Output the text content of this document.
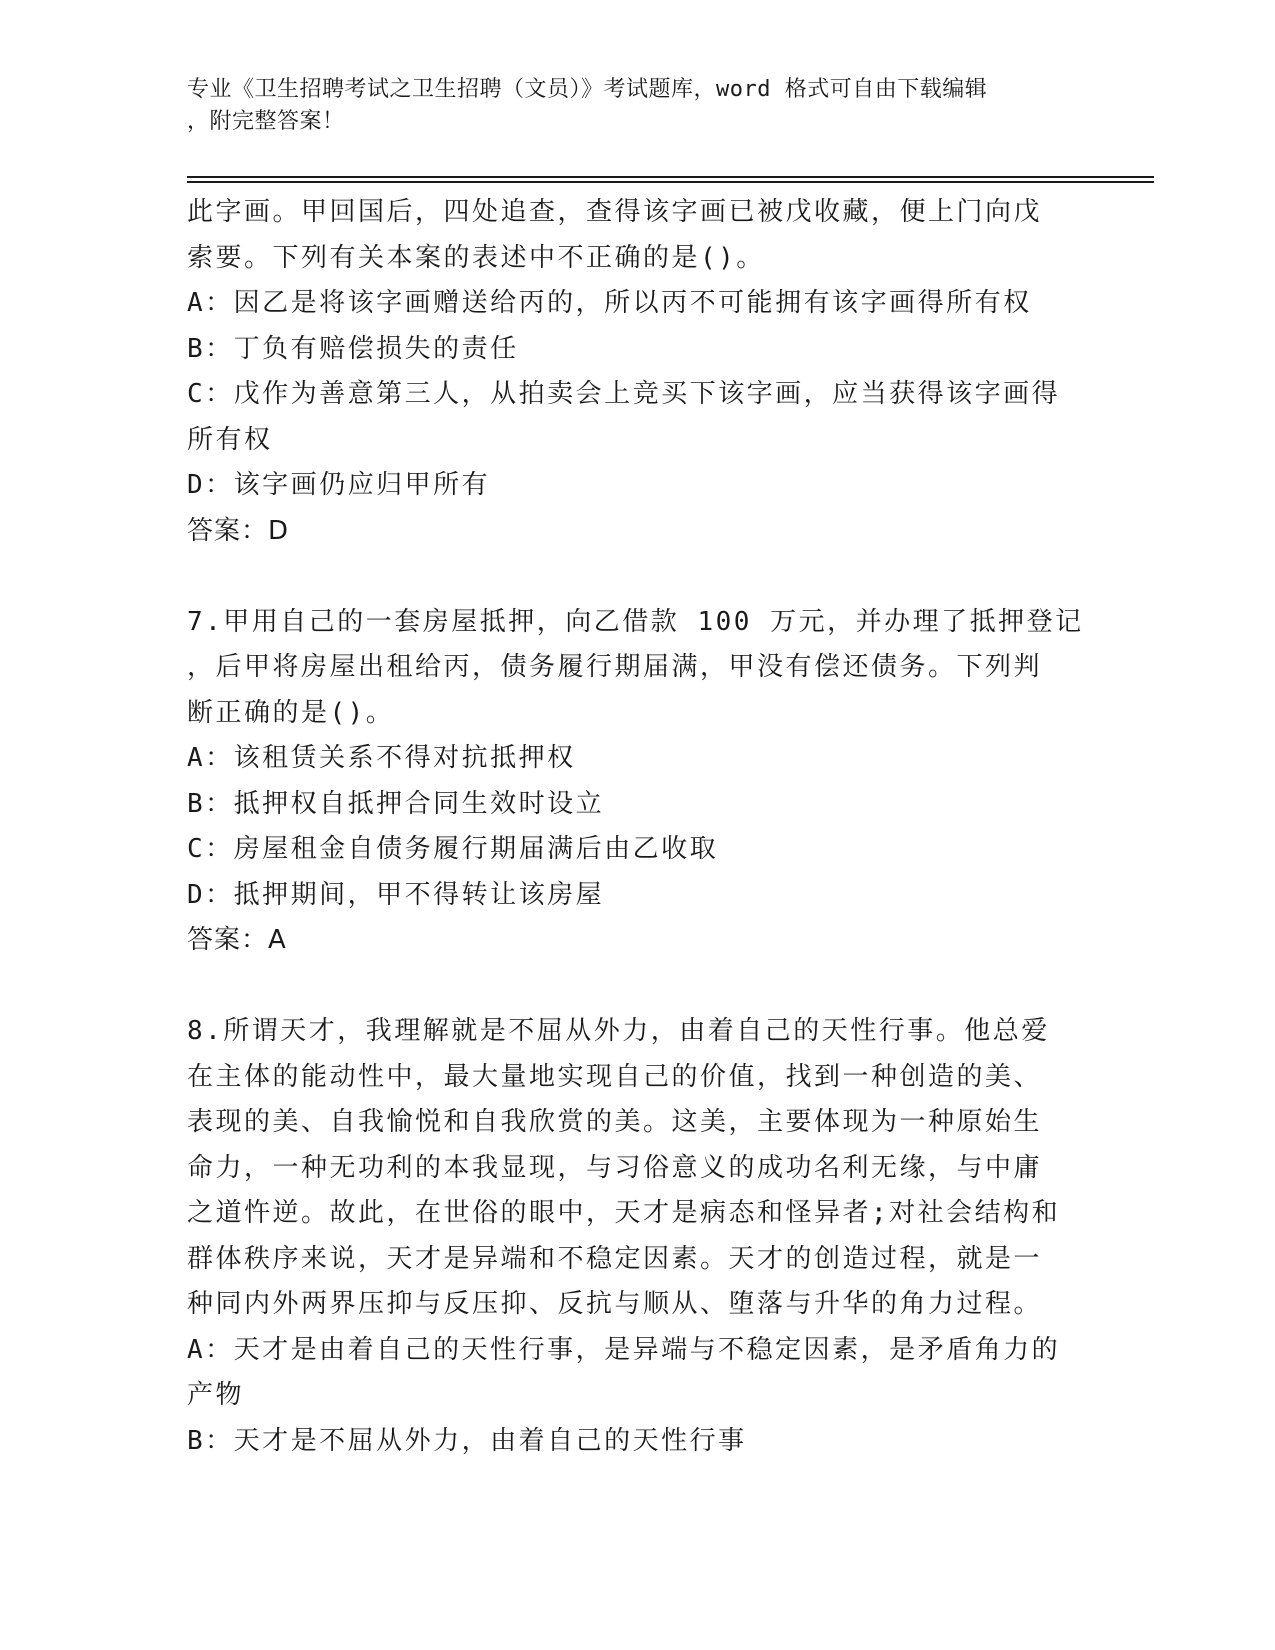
专业《卫生招聘考试之卫生招聘（文员）》考试题库，word 格式可自由下载编辑
，附完整答案！
此字画。甲回国后，四处追查，查得该字画已被戊收藏，便上门向戊
索要。下列有关本案的表述中不正确的是()。
A：因乙是将该字画赠送给丙的，所以丙不可能拥有该字画得所有权
B：丁负有赔偿损失的责任
C：戊作为善意第三人，从拍卖会上竞买下该字画，应当获得该字画得
所有权
D：该字画仍应归甲所有
答案：D
7.甲用自己的一套房屋抵押，向乙借款 100 万元，并办理了抵押登记
，后甲将房屋出租给丙，债务履行期届满，甲没有偿还债务。下列判
断正确的是()。
A：该租赁关系不得对抗抵押权
B：抵押权自抵押合同生效时设立
C：房屋租金自债务履行期届满后由乙收取
D：抵押期间，甲不得转让该房屋
答案：A
8.所谓天才，我理解就是不屈从外力，由着自己的天性行事。他总爱
在主体的能动性中，最大量地实现自己的价值，找到一种创造的美、
表现的美、自我愉悦和自我欣赏的美。这美，主要体现为一种原始生
命力，一种无功利的本我显现，与习俗意义的成功名利无缘，与中庸
之道忤逆。故此，在世俗的眼中，天才是病态和怪异者;对社会结构和
群体秩序来说，天才是异端和不稳定因素。天才的创造过程，就是一
种同内外两界压抑与反压抑、反抗与顺从、堕落与升华的角力过程。
A：天才是由着自己的天性行事，是异端与不稳定因素，是矛盾角力的
产物
B：天才是不屈从外力，由着自己的天性行事
